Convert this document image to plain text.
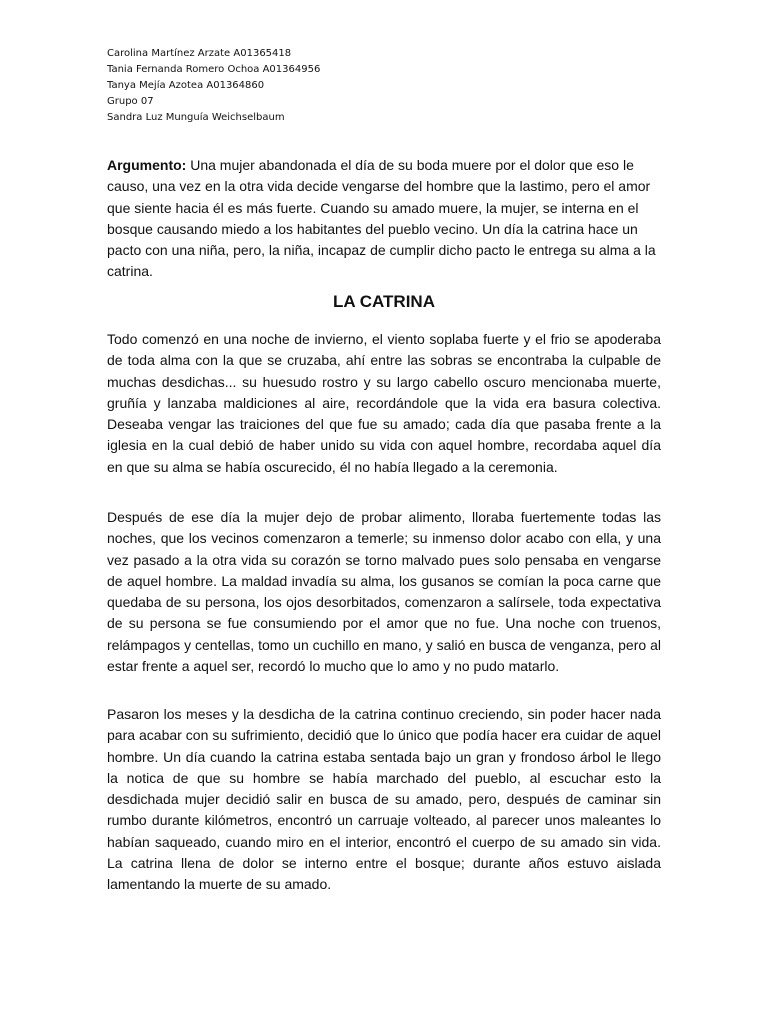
Carolina Martínez Arzate A01365418
Tania Fernanda Romero Ochoa A01364956
Tanya Mejía Azotea A01364860
Grupo 07
Sandra Luz Munguía Weichselbaum
Argumento: Una mujer abandonada el día de su boda muere por el dolor que eso le causo, una vez en la otra vida decide vengarse del hombre que la lastimo, pero el amor que siente hacia él es más fuerte. Cuando su amado muere, la mujer, se interna en el bosque causando miedo a los habitantes del pueblo vecino. Un día la catrina hace un pacto con una niña, pero, la niña, incapaz de cumplir dicho pacto le entrega su alma a la catrina.
LA CATRINA
Todo comenzó en una noche de invierno, el viento soplaba fuerte y el frio se apoderaba de toda alma con la que se cruzaba, ahí entre las sobras se encontraba la culpable de muchas desdichas... su huesudo rostro y su largo cabello oscuro mencionaba muerte, gruñía y lanzaba maldiciones al aire, recordándole que la vida era basura colectiva. Deseaba vengar las traiciones del que fue su amado; cada día que pasaba frente a la iglesia en la cual debió de haber unido su vida con aquel hombre, recordaba aquel día en que su alma se había oscurecido, él no había llegado a la ceremonia.
Después de ese día la mujer dejo de probar alimento, lloraba fuertemente todas las noches, que los vecinos comenzaron a temerle; su inmenso dolor acabo con ella, y una vez pasado a la otra vida su corazón se torno malvado pues solo pensaba en vengarse de aquel hombre. La maldad invadía su alma, los gusanos se comían la poca carne que quedaba de su persona, los ojos desorbitados, comenzaron a salírsele, toda expectativa de su persona se fue consumiendo por el amor que no fue. Una noche con truenos, relámpagos y centellas, tomo un cuchillo en mano, y salió en busca de venganza, pero al estar frente a aquel ser, recordó lo mucho que lo amo y no pudo matarlo.
Pasaron los meses y la desdicha de la catrina continuo creciendo, sin poder hacer nada para acabar con su sufrimiento, decidió que lo único que podía hacer era cuidar de aquel hombre. Un día cuando la catrina estaba sentada bajo un gran y frondoso árbol le llego la notica de que su hombre se había marchado del pueblo, al escuchar esto la desdichada mujer decidió salir en busca de su amado, pero, después de caminar sin rumbo durante kilómetros, encontró un carruaje volteado, al parecer unos maleantes lo habían saqueado, cuando miro en el interior, encontró el cuerpo de su amado sin vida. La catrina llena de dolor se interno entre el bosque; durante años estuvo aislada lamentando la muerte de su amado.
